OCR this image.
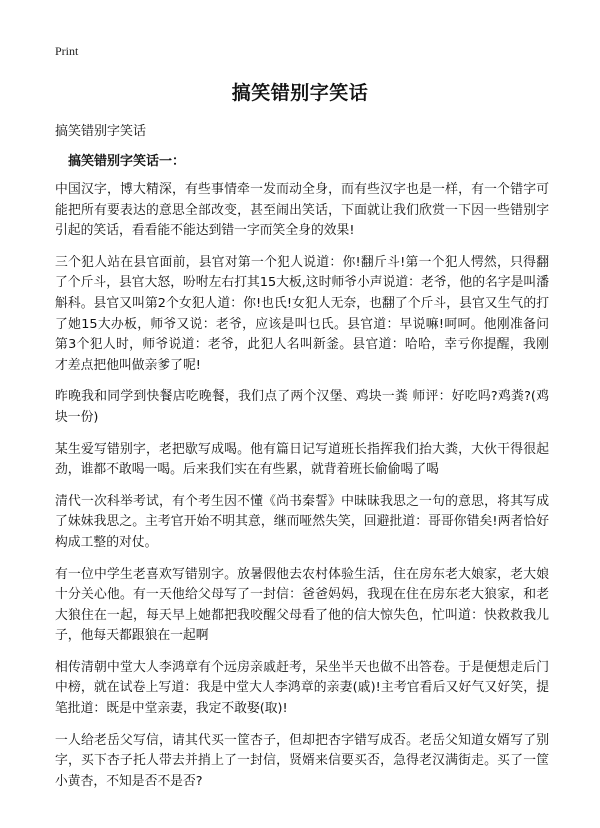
Print
搞笑错别字笑话
搞笑错别字笑话
搞笑错别字笑话一：

中国汉字，博大精深，有些事情牵一发而动全身，而有些汉字也是一样，有一个错字可能把所有要表达的意思全部改变，甚至闹出笑话，下面就让我们欣赏一下因一些错别字引起的笑话，看看能不能达到错一字而笑全身的效果!

三个犯人站在县官面前，县官对第一个犯人说道：你!翻斤斗!第一个犯人愕然，只得翻了个斤斗，县官大怒，吩咐左右打其15大板,这时师爷小声说道：老爷，他的名字是叫潘斛科。县官又叫第2个女犯人道：你!也氏!女犯人无奈，也翻了个斤斗，县官又生气的打了她15大办板，师爷又说：老爷，应该是叫乜氏。县官道：早说嘛!呵呵。他刚准备问第3个犯人时，师爷说道：老爷，此犯人名叫新釜。县官道：哈哈，幸亏你提醒，我刚才差点把他叫做亲爹了呢!

昨晚我和同学到快餐店吃晚餐，我们点了两个汉堡、鸡块一粪 师评：好吃吗?鸡粪?(鸡块一份)

某生爱写错别字，老把歇写成喝。他有篇日记写道班长指挥我们抬大粪，大伙干得很起劲，谁都不敢喝一喝。后来我们实在有些累，就背着班长偷偷喝了喝

清代一次科举考试，有个考生因不懂《尚书秦誓》中昧昧我思之一句的意思，将其写成了妹妹我思之。主考官开始不明其意，继而哑然失笑，回避批道：哥哥你错矣!两者恰好构成工整的对仗。

有一位中学生老喜欢写错别字。放暑假他去农村体验生活，住在房东老大娘家，老大娘十分关心他。有一天他给父母写了一封信：爸爸妈妈，我现在住在房东老大狼家，和老大狼住在一起，每天早上她都把我咬醒父母看了他的信大惊失色，忙叫道：快救救我儿子，他每天都跟狼在一起啊

相传清朝中堂大人李鸿章有个远房亲戚赶考，呆坐半天也做不出答卷。于是便想走后门中榜，就在试卷上写道：我是中堂大人李鸿章的亲妻(戚)!主考官看后又好气又好笑，提笔批道：既是中堂亲妻，我定不敢娶(取)!

一人给老岳父写信，请其代买一筐杏子，但却把杏字错写成否。老岳父知道女婿写了别字，买下杏子托人带去并捎上了一封信，贤婿来信要买否，急得老汉满街走。买了一筐小黄杏，不知是否不是否?
